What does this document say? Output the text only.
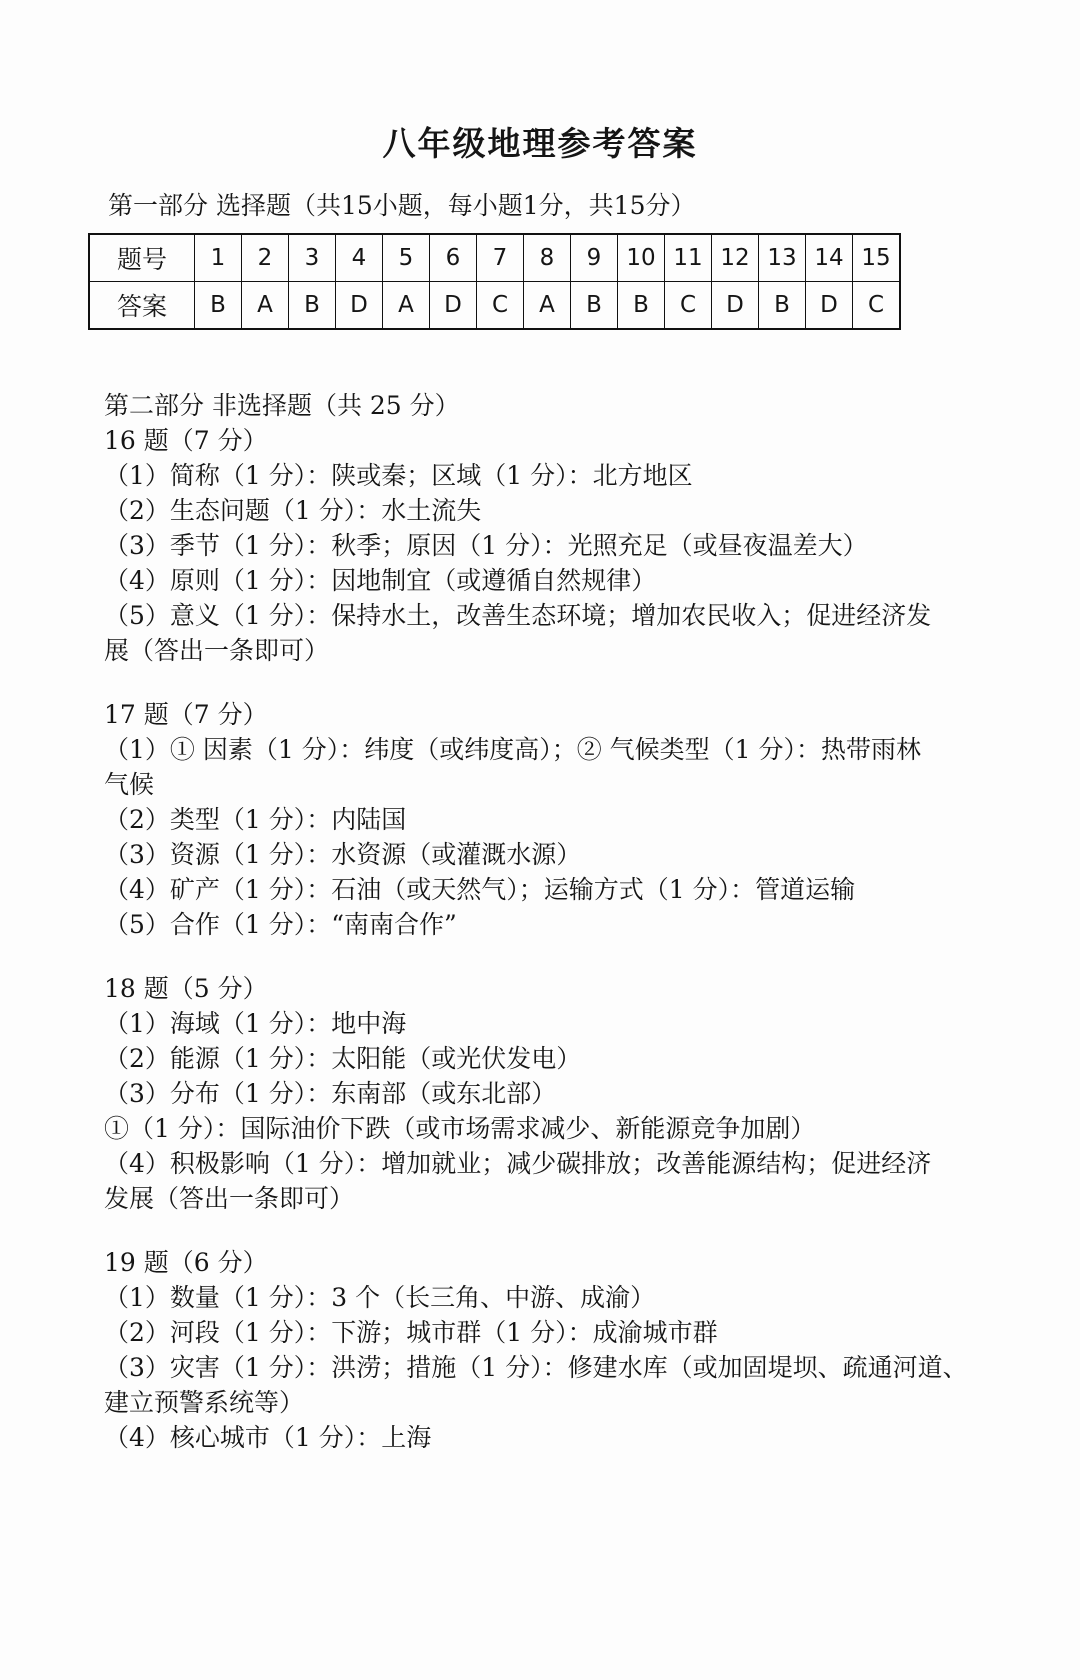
八年级地理参考答案
第一部分 选择题（共15小题，每小题1分，共15分）
题号	1	2	3	4	5	6	7	8	9	10	11	12	13	14	15
答案	B	A	B	D	A	D	C	A	B	B	C	D	B	D	C
第二部分 非选择题（共 25 分）
16 题（7 分）
（1）简称（1 分）：陕或秦；区域（1 分）：北方地区
（2）生态问题（1 分）：水土流失
（3）季节（1 分）：秋季；原因（1 分）：光照充足（或昼夜温差大）
（4）原则（1 分）：因地制宜（或遵循自然规律）
（5）意义（1 分）：保持水土，改善生态环境；增加农民收入；促进经济发
展（答出一条即可）
17 题（7 分）
（1）① 因素（1 分）：纬度（或纬度高）；② 气候类型（1 分）：热带雨林
气候
（2）类型（1 分）：内陆国
（3）资源（1 分）：水资源（或灌溉水源）
（4）矿产（1 分）：石油（或天然气）；运输方式（1 分）：管道运输
（5）合作（1 分）：“南南合作”
18 题（5 分）
（1）海域（1 分）：地中海
（2）能源（1 分）：太阳能（或光伏发电）
（3）分布（1 分）：东南部（或东北部）
①（1 分）：国际油价下跌（或市场需求减少、新能源竞争加剧）
（4）积极影响（1 分）：增加就业；减少碳排放；改善能源结构；促进经济
发展（答出一条即可）
19 题（6 分）
（1）数量（1 分）：3 个（长三角、中游、成渝）
（2）河段（1 分）：下游；城市群（1 分）：成渝城市群
（3）灾害（1 分）：洪涝；措施（1 分）：修建水库（或加固堤坝、疏通河道、
建立预警系统等）
（4）核心城市（1 分）：上海
